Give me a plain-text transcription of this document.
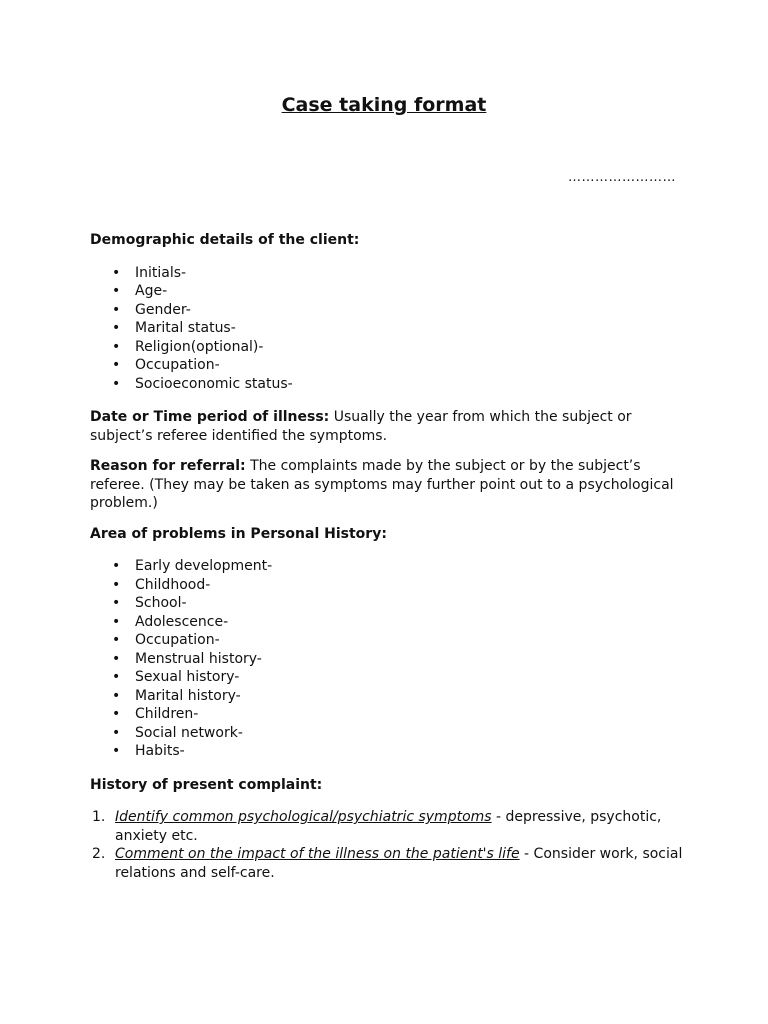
Case taking format
……………………
Demographic details of the client:
• Initials-
• Age-
• Gender-
• Marital status-
• Religion(optional)-
• Occupation-
• Socioeconomic status-

Date or Time period of illness: Usually the year from which the subject or subject’s referee identified the symptoms.

Reason for referral: The complaints made by the subject or by the subject’s referee. (They may be taken as symptoms may further point out to a psychological problem.)

Area of problems in Personal History:
• Early development-
• Childhood-
• School-
• Adolescence-
• Occupation-
• Menstrual history-
• Sexual history-
• Marital history-
• Children-
• Social network-
• Habits-
History of present complaint:
1. Identify common psychological/psychiatric symptoms - depressive, psychotic, anxiety etc.
2. Comment on the impact of the illness on the patient's life - Consider work, social relations and self-care.
